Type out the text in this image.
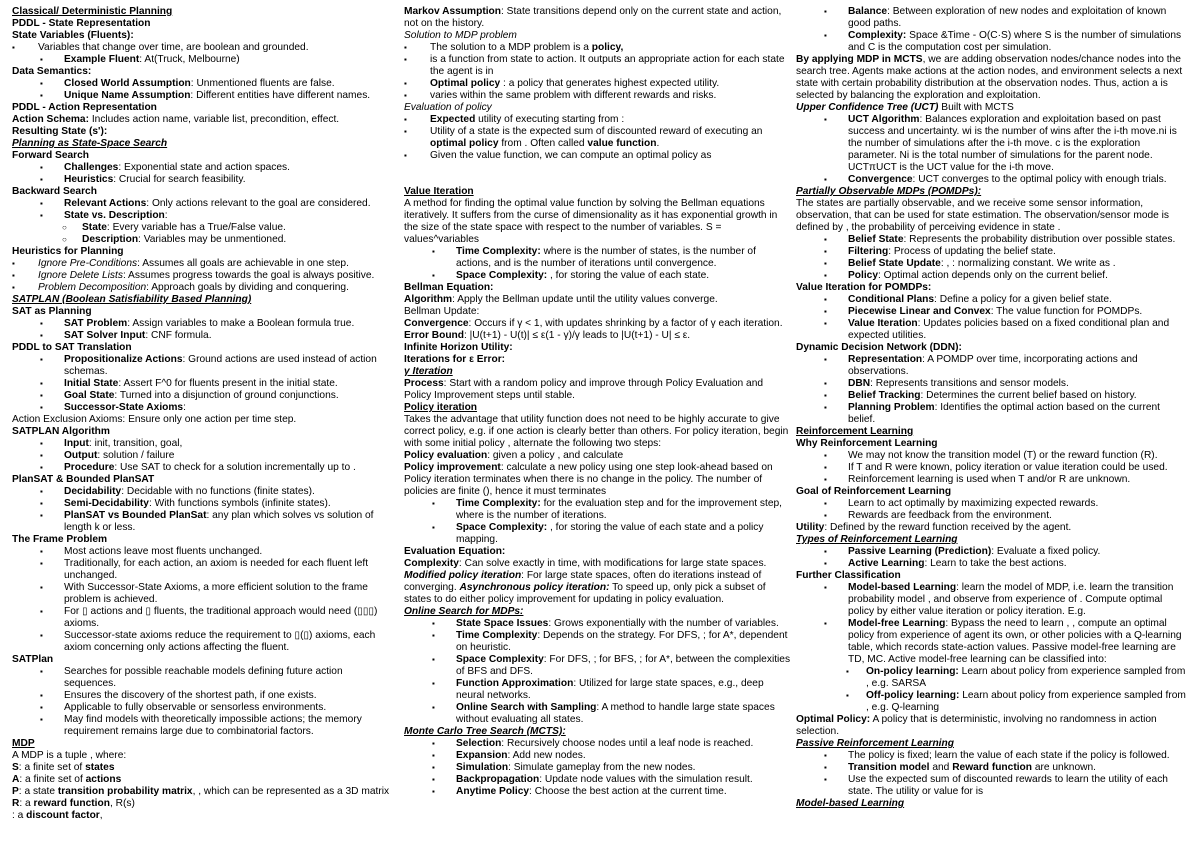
Classical/ Deterministic Planning
PDDL - State Representation
State Variables (Fluents):
▪ Variables that change over time, are boolean and grounded.
▪ Example Fluent: At(Truck, Melbourne)
Data Semantics:
▪ Closed World Assumption: Unmentioned fluents are false.
▪ Unique Name Assumption: Different entities have different names.
PDDL - Action Representation
Action Schema: Includes action name, variable list, precondition, effect.
Resulting State (s'):
Planning as State-Space Search
Forward Search
▪ Challenges: Exponential state and action spaces.
▪ Heuristics: Crucial for search feasibility.
Backward Search
▪ Relevant Actions: Only actions relevant to the goal are considered.
▪ State vs. Description:
○ State: Every variable has a True/False value.
○ Description: Variables may be unmentioned.
Heuristics for Planning
▪ Ignore Pre-Conditions: Assumes all goals are achievable in one step.
▪ Ignore Delete Lists: Assumes progress towards the goal is always positive.
▪ Problem Decomposition: Approach goals by dividing and conquering.
SATPLAN (Boolean Satisfiability Based Planning)
SAT as Planning
▪ SAT Problem: Assign variables to make a Boolean formula true.
▪ SAT Solver Input: CNF formula.
PDDL to SAT Translation
▪ Propositionalize Actions: Ground actions are used instead of action schemas.
▪ Initial State: Assert F^0 for fluents present in the initial state.
▪ Goal State: Turned into a disjunction of ground conjunctions.
▪ Successor-State Axioms:
Action Exclusion Axioms: Ensure only one action per time step.
SATPLAN Algorithm
▪ Input: init, transition, goal,
▪ Output: solution / failure
▪ Procedure: Use SAT to check for a solution incrementally up to .
PlanSAT & Bounded PlanSAT
▪ Decidability: Decidable with no functions (finite states).
▪ Semi-Decidability: With functions symbols (infinite states).
▪ PlanSAT vs Bounded PlanSat: any plan which solves vs solution of length k or less.
The Frame Problem
▪ Most actions leave most fluents unchanged.
▪ Traditionally, for each action, an axiom is needed for each fluent left unchanged.
▪ With Successor-State Axioms, a more efficient solution to the frame problem is achieved.
▪ For ▯ actions and ▯ fluents, the traditional approach would need (▯▯▯) axioms.
▪ Successor-state axioms reduce the requirement to ▯(▯) axioms, each axiom concerning only actions affecting the fluent.
SATPlan
▪ Searches for possible reachable models defining future action sequences.
▪ Ensures the discovery of the shortest path, if one exists.
▪ Applicable to fully observable or sensorless environments.
▪ May find models with theoretically impossible actions; the memory requirement remains large due to combinatorial factors.
MDP
A MDP is a tuple , where:
S: a finite set of states
A: a finite set of actions
P: a state transition probability matrix, , which can be represented as a 3D matrix
R: a reward function, R(s)
: a discount factor,
Markov Assumption: State transitions depend only on the current state and action, not on the history.
Solution to MDP problem
▪ The solution to a MDP problem is a policy,
▪ is a function from state to action. It outputs an appropriate action for each state the agent is in
▪ Optimal policy : a policy that generates highest expected utility.
▪ varies within the same problem with different rewards and risks.
Evaluation of policy
▪ Expected utility of executing starting from :
▪ Utility of a state is the expected sum of discounted reward of executing an optimal policy from . Often called value function.
▪ Given the value function, we can compute an optimal policy as
Value Iteration
A method for finding the optimal value function by solving the Bellman equations iteratively. It suffers from the curse of dimensionality as it has exponential growth in the size of the state space with respect to the number of variables. S = values^variables
▪ Time Complexity: where is the number of states, is the number of actions, and is the number of iterations until convergence.
▪ Space Complexity: , for storing the value of each state.
Bellman Equation:
Algorithm: Apply the Bellman update until the utility values converge.
Bellman Update:
Convergence: Occurs if γ < 1, with updates shrinking by a factor of γ each iteration.
Error Bound: |U(t+1) - U(t)| ≤ ε(1 - γ)/γ leads to |U(t+1) - U| ≤ ε.
Infinite Horizon Utility:
Iterations for ε Error:
γ Iteration
Process: Start with a random policy and improve through Policy Evaluation and Policy Improvement steps until stable.
Policy iteration
Takes the advantage that utility function does not need to be highly accurate to give correct policy, e.g. if one action is clearly better than others. For policy iteration, begin with some initial policy , alternate the following two steps:
Policy evaluation: given a policy , and calculate
Policy improvement: calculate a new policy using one step look-ahead based on
Policy iteration terminates when there is no change in the policy. The number of policies are finite (), hence it must terminates
▪ Time Complexity: for the evaluation step and for the improvement step, where is the number of iterations.
▪ Space Complexity: , for storing the value of each state and a policy mapping.
Evaluation Equation:
Complexity: Can solve exactly in time, with modifications for large state spaces.
Modified policy iteration: For large state spaces, often do iterations instead of converging. Asynchronous policy iteration: To speed up, only pick a subset of states to do either policy improvement for updating in policy evaluation.
Online Search for MDPs:
▪ State Space Issues: Grows exponentially with the number of variables.
▪ Time Complexity: Depends on the strategy. For DFS, ; for A*, dependent on heuristic.
▪ Space Complexity: For DFS, ; for BFS, ; for A*, between the complexities of BFS and DFS.
▪ Function Approximation: Utilized for large state spaces, e.g., deep neural networks.
▪ Online Search with Sampling: A method to handle large state spaces without evaluating all states.
Monte Carlo Tree Search (MCTS):
▪ Selection: Recursively choose nodes until a leaf node is reached.
▪ Expansion: Add new nodes.
▪ Simulation: Simulate gameplay from the new nodes.
▪ Backpropagation: Update node values with the simulation result.
▪ Anytime Policy: Choose the best action at the current time.
▪ Balance: Between exploration of new nodes and exploitation of known good paths.
▪ Complexity: Space &Time - O(C·S) where S is the number of simulations and C is the computation cost per simulation.
By applying MDP in MCTS, we are adding observation nodes/chance nodes into the search tree. Agents make actions at the action nodes, and environment selects a next state with certain probability distribution at the observation nodes. Thus, action a is selected by balancing the exploration and exploitation.
Upper Confidence Tree (UCT) Built with MCTS
▪ UCT Algorithm: Balances exploration and exploitation based on past success and uncertainty. wi is the number of wins after the i-th move.ni is the number of simulations after the i-th move. c is the exploration parameter. Ni is the total number of simulations for the parent node. UCTπUCT is the UCT value for the i-th move.
▪ Convergence: UCT converges to the optimal policy with enough trials.
Partially Observable MDPs (POMDPs):
The states are partially observable, and we receive some sensor information, observation, that can be used for state estimation. The observation/sensor mode is defined by , the probability of perceiving evidence in state .
▪ Belief State: Represents the probability distribution over possible states.
▪ Filtering: Process of updating the belief state.
▪ Belief State Update: , : normalizing constant. We write as .
▪ Policy: Optimal action depends only on the current belief.
Value Iteration for POMDPs:
▪ Conditional Plans: Define a policy for a given belief state.
▪ Piecewise Linear and Convex: The value function for POMDPs.
▪ Value Iteration: Updates policies based on a fixed conditional plan and expected utilities.
Dynamic Decision Network (DDN):
▪ Representation: A POMDP over time, incorporating actions and observations.
▪ DBN: Represents transitions and sensor models.
▪ Belief Tracking: Determines the current belief based on history.
▪ Planning Problem: Identifies the optimal action based on the current belief.
Reinforcement Learning
Why Reinforcement Learning
▪ We may not know the transition model (T) or the reward function (R).
▪ If T and R were known, policy iteration or value iteration could be used.
▪ Reinforcement learning is used when T and/or R are unknown.
Goal of Reinforcement Learning
▪ Learn to act optimally by maximizing expected rewards.
▪ Rewards are feedback from the environment.
Utility: Defined by the reward function received by the agent.
Types of Reinforcement Learning
▪ Passive Learning (Prediction): Evaluate a fixed policy.
▪ Active Learning: Learn to take the best actions.
Further Classification
▪ Model-based Learning: learn the model of MDP, i.e. learn the transition probability model , and observe from experience of . Compute optimal policy by either value iteration or policy iteration. E.g.
▪ Model-free Learning: Bypass the need to learn , , compute an optimal policy from experience of agent its own, or other policies with a Q-learning table, which records state-action values. Passive model-free learning are TD, MC. Active model-free learning can be classified into:
▪ On-policy learning: Learn about policy from experience sampled from , e.g. SARSA
▪ Off-policy learning: Learn about policy from experience sampled from , e.g. Q-learning
Optimal Policy: A policy that is deterministic, involving no randomness in action selection.
Passive Reinforcement Learning
▪ The policy is fixed; learn the value of each state if the policy is followed.
▪ Transition model and Reward function are unknown.
▪ Use the expected sum of discounted rewards to learn the utility of each state. The utility or value for is
Model-based Learning
